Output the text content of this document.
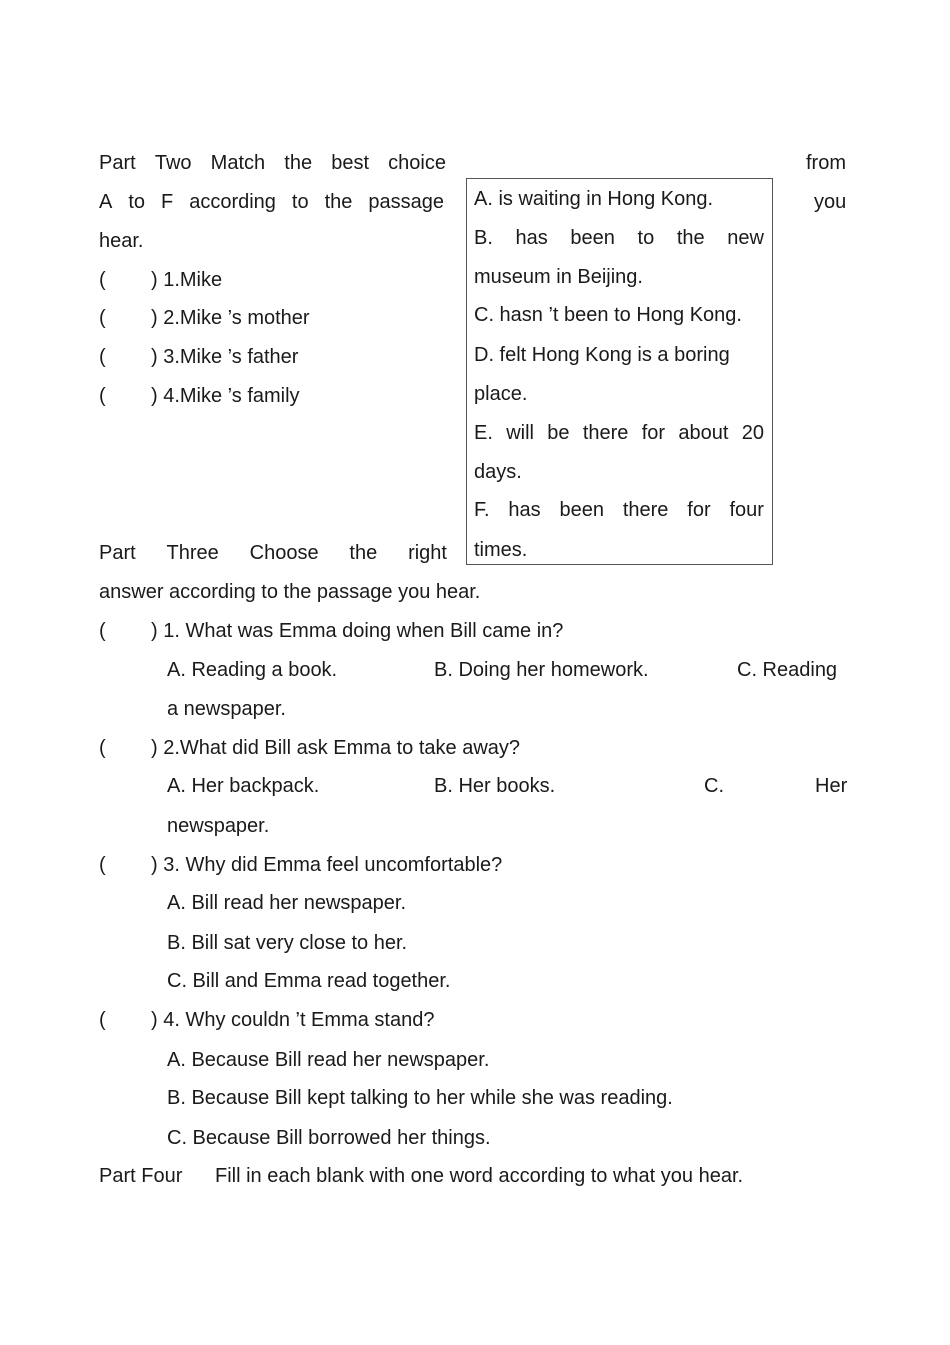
Part Two Match the best choice	from
A to F according to the passage	you
hear.
( ) 1.Mike
( ) 2.Mike ’s mother
( ) 3.Mike ’s father
( ) 4.Mike ’s family
A. is waiting in Hong Kong.
B. has been to the new
museum in Beijing.
C. hasn ’t been to Hong Kong.
D. felt Hong Kong is a boring
place.
E. will be there for about 20
days.
F. has been there for four
times.
Part Three Choose the right
answer according to the passage you hear.
( ) 1. What was Emma doing when Bill came in?
A. Reading a book.	B. Doing her homework.	C. Reading
a newspaper.
( ) 2.What did Bill ask Emma to take away?
A. Her backpack.	B. Her books.	C.	Her
newspaper.
( ) 3. Why did Emma feel uncomfortable?
A. Bill read her newspaper.
B. Bill sat very close to her.
C. Bill and Emma read together.
( ) 4. Why couldn ’t Emma stand?
A. Because Bill read her newspaper.
B. Because Bill kept talking to her while she was reading.
C. Because Bill borrowed her things.
Part Four Fill in each blank with one word according to what you hear.
